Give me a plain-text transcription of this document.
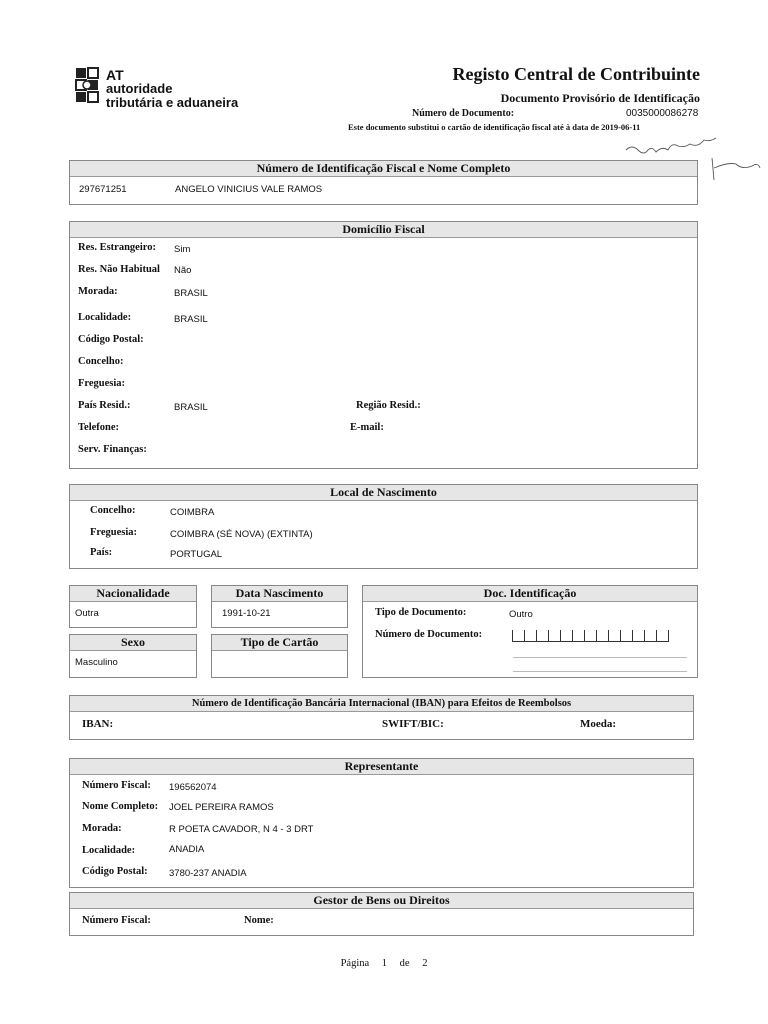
AT
autoridade
tributária e aduaneira
Registo Central de Contribuinte
Documento Provisório de Identificação
Número de Documento:	0035000086278
Este documento substitui o cartão de identificação fiscal até à data de 2019-06-11
Número de Identificação Fiscal e Nome Completo
297671251	ANGELO VINICIUS VALE RAMOS
Domicílio Fiscal
Res. Estrangeiro: Sim
Res. Não Habitual Não
Morada:	BRASIL
Localidade:	BRASIL
Código Postal:
Concelho:
Freguesia:
País Resid.:	BRASIL	Região Resid.:
Telefone:	E-mail:
Serv. Finanças:
Local de Nascimento
Concelho:	COIMBRA
Freguesia:	COIMBRA (SÉ NOVA) (EXTINTA)
País:	PORTUGAL
Nacionalidade
Outra
Data Nascimento
1991-10-21
Sexo
Masculino
Tipo de Cartão
Doc. Identificação
Tipo de Documento:	Outro
Número de Documento:
Número de Identificação Bancária Internacional (IBAN) para Efeitos de Reembolsos
IBAN:	SWIFT/BIC:	Moeda:
Representante
Número Fiscal: 196562074
Nome Completo: JOEL PEREIRA RAMOS
Morada:	R POETA CAVADOR, N 4 - 3 DRT
Localidade:	ANADIA
Código Postal: 3780-237 ANADIA
Gestor de Bens ou Direitos
Número Fiscal:	Nome:
Página 1 de 2
